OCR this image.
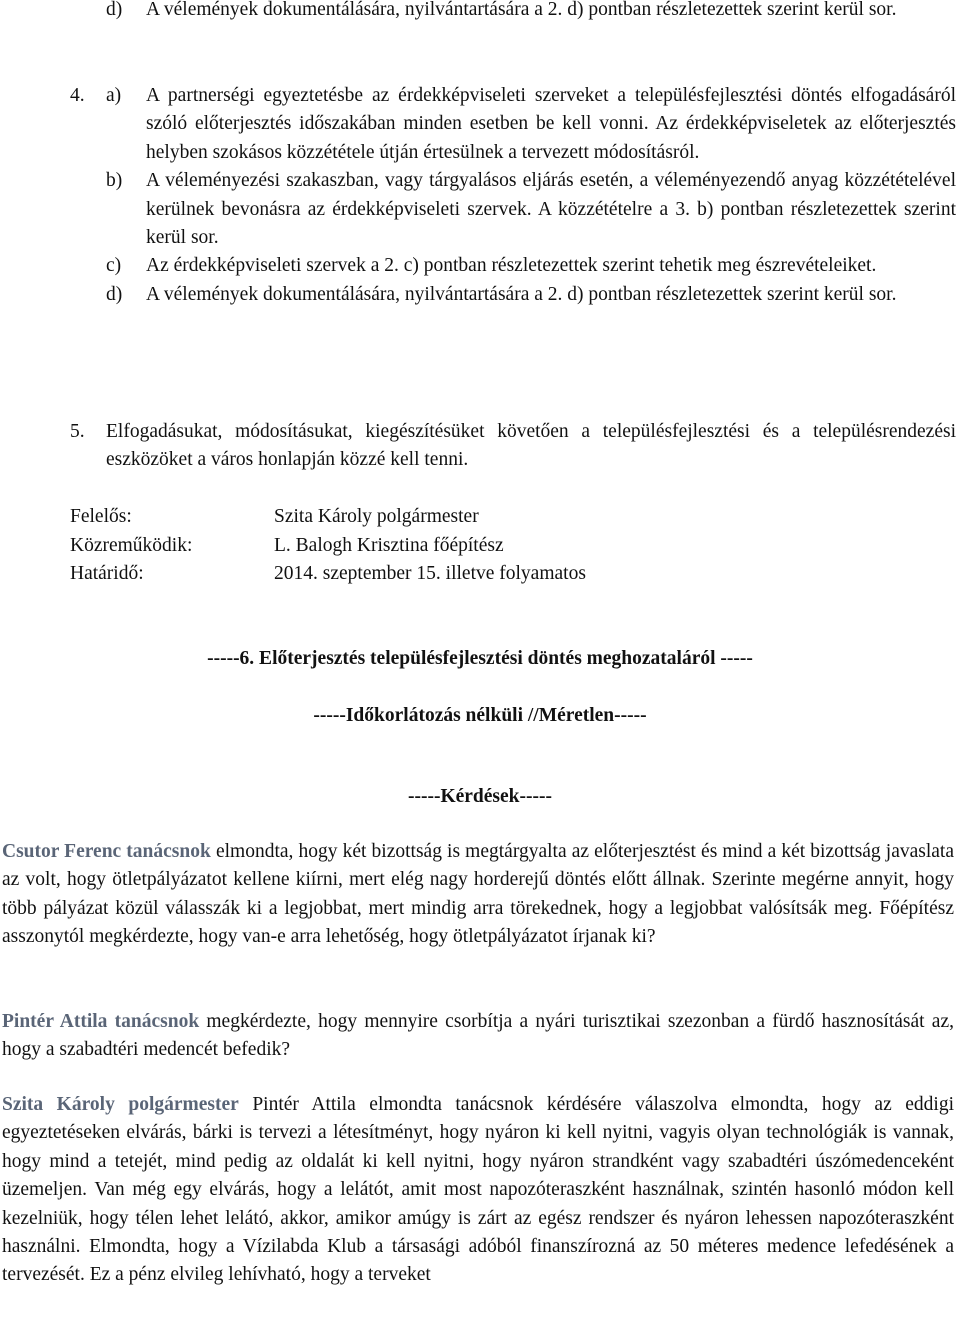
d) A vélemények dokumentálására, nyilvántartására a 2. d) pontban részletezettek szerint kerül sor.
4. a) A partnerségi egyeztetésbe az érdekképviseleti szerveket a településfejlesztési döntés elfogadásáról szóló előterjesztés időszakában minden esetben be kell vonni. Az érdekképviseletek az előterjesztés helyben szokásos közzététele útján értesülnek a tervezett módosításról.
b) A véleményezési szakaszban, vagy tárgyalásos eljárás esetén, a véleményezendő anyag közzétételével kerülnek bevonásra az érdekképviseleti szervek. A közzétételre a 3. b) pontban részletezettek szerint kerül sor.
c) Az érdekképviseleti szervek a 2. c) pontban részletezettek szerint tehetik meg észrevételeiket.
d) A vélemények dokumentálására, nyilvántartására a 2. d) pontban részletezettek szerint kerül sor.
5. Elfogadásukat, módosításukat, kiegészítésüket követően a településfejlesztési és a településrendezési eszközöket a város honlapján közzé kell tenni.
Felelős:	Szita Károly polgármester
Közreműködik:	L. Balogh Krisztina főépítész
Határidő:	2014. szeptember 15. illetve folyamatos
-----6. Előterjesztés településfejlesztési döntés meghozataláról -----
-----Időkorlátozás nélküli //Méretlen-----
-----Kérdések-----

Csutor Ferenc tanácsnok elmondta, hogy két bizottság is megtárgyalta az előterjesztést és mind a két bizottság javaslata az volt, hogy ötletpályázatot kellene kiírni, mert elég nagy horderejű döntés előtt állnak. Szerinte megérne annyit, hogy több pályázat közül válasszák ki a legjobbat, mert mindig arra törekednek, hogy a legjobbat valósítsák meg. Főépítész asszonytól megkérdezte, hogy van-e arra lehetőség, hogy ötletpályázatot írjanak ki?

Pintér Attila tanácsnok megkérdezte, hogy mennyire csorbítja a nyári turisztikai szezonban a fürdő hasznosítását az, hogy a szabadtéri medencét befedik?

Szita Károly polgármester Pintér Attila elmondta tanácsnok kérdésére válaszolva elmondta, hogy az eddigi egyeztetéseken elvárás, bárki is tervezi a létesítményt, hogy nyáron ki kell nyitni, vagyis olyan technológiák is vannak, hogy mind a tetejét, mind pedig az oldalát ki kell nyitni, hogy nyáron strandként vagy szabadtéri úszómedenceként üzemeljen. Van még egy elvárás, hogy a lelátót, amit most napozóteraszként használnak, szintén hasonló módon kell kezelniük, hogy télen lehet lelátó, akkor, amikor amúgy is zárt az egész rendszer és nyáron lehessen napozóteraszként használni. Elmondta, hogy a Vízilabda Klub a társasági adóból finanszírozná az 50 méteres medence lefedésének a tervezését. Ez a pénz elvileg lehívható, hogy a terveket
